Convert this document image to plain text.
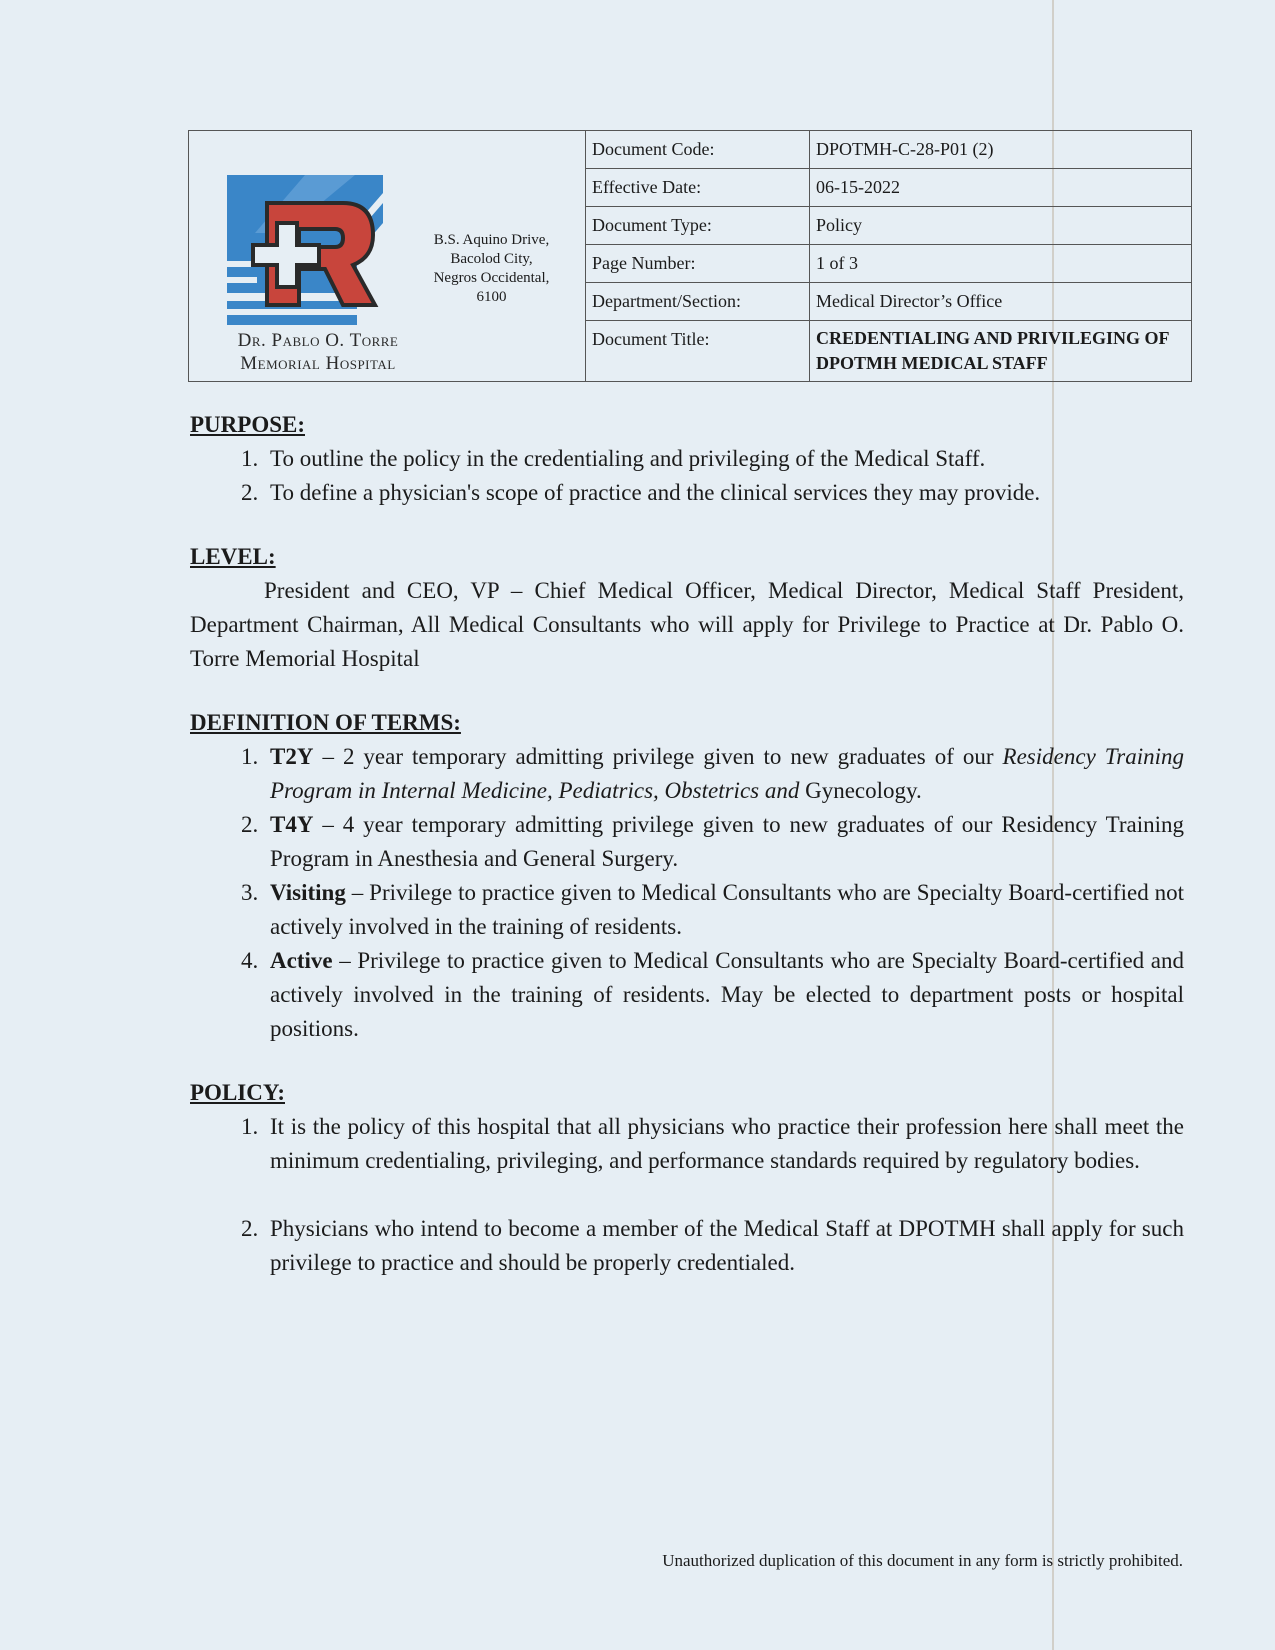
Dr. Pablo O. Torre
Memorial Hospital
B.S. Aquino Drive,
Bacolod City,
Negros Occidental,
6100
Document Code:	DPOTMH-C-28-P01 (2)
Effective Date:	06-15-2022
Document Type:	Policy
Page Number:	1 of 3
Department/Section:	Medical Director’s Office
Document Title:	CREDENTIALING AND PRIVILEGING OF DPOTMH MEDICAL STAFF
PURPOSE:
1. To outline the policy in the credentialing and privileging of the Medical Staff.
2. To define a physician's scope of practice and the clinical services they may provide.
LEVEL:

President and CEO, VP – Chief Medical Officer, Medical Director, Medical Staff President, Department Chairman, All Medical Consultants who will apply for Privilege to Practice at Dr. Pablo O. Torre Memorial Hospital

DEFINITION OF TERMS:
1. T2Y – 2 year temporary admitting privilege given to new graduates of our Residency Training Program in Internal Medicine, Pediatrics, Obstetrics and Gynecology.
2. T4Y – 4 year temporary admitting privilege given to new graduates of our Residency Training Program in Anesthesia and General Surgery.
3. Visiting – Privilege to practice given to Medical Consultants who are Specialty Board-certified not actively involved in the training of residents.
4. Active – Privilege to practice given to Medical Consultants who are Specialty Board-certified and actively involved in the training of residents. May be elected to department posts or hospital positions.
POLICY:
1. It is the policy of this hospital that all physicians who practice their profession here shall meet the minimum credentialing, privileging, and performance standards required by regulatory bodies.
2. Physicians who intend to become a member of the Medical Staff at DPOTMH shall apply for such privilege to practice and should be properly credentialed.
Unauthorized duplication of this document in any form is strictly prohibited.
